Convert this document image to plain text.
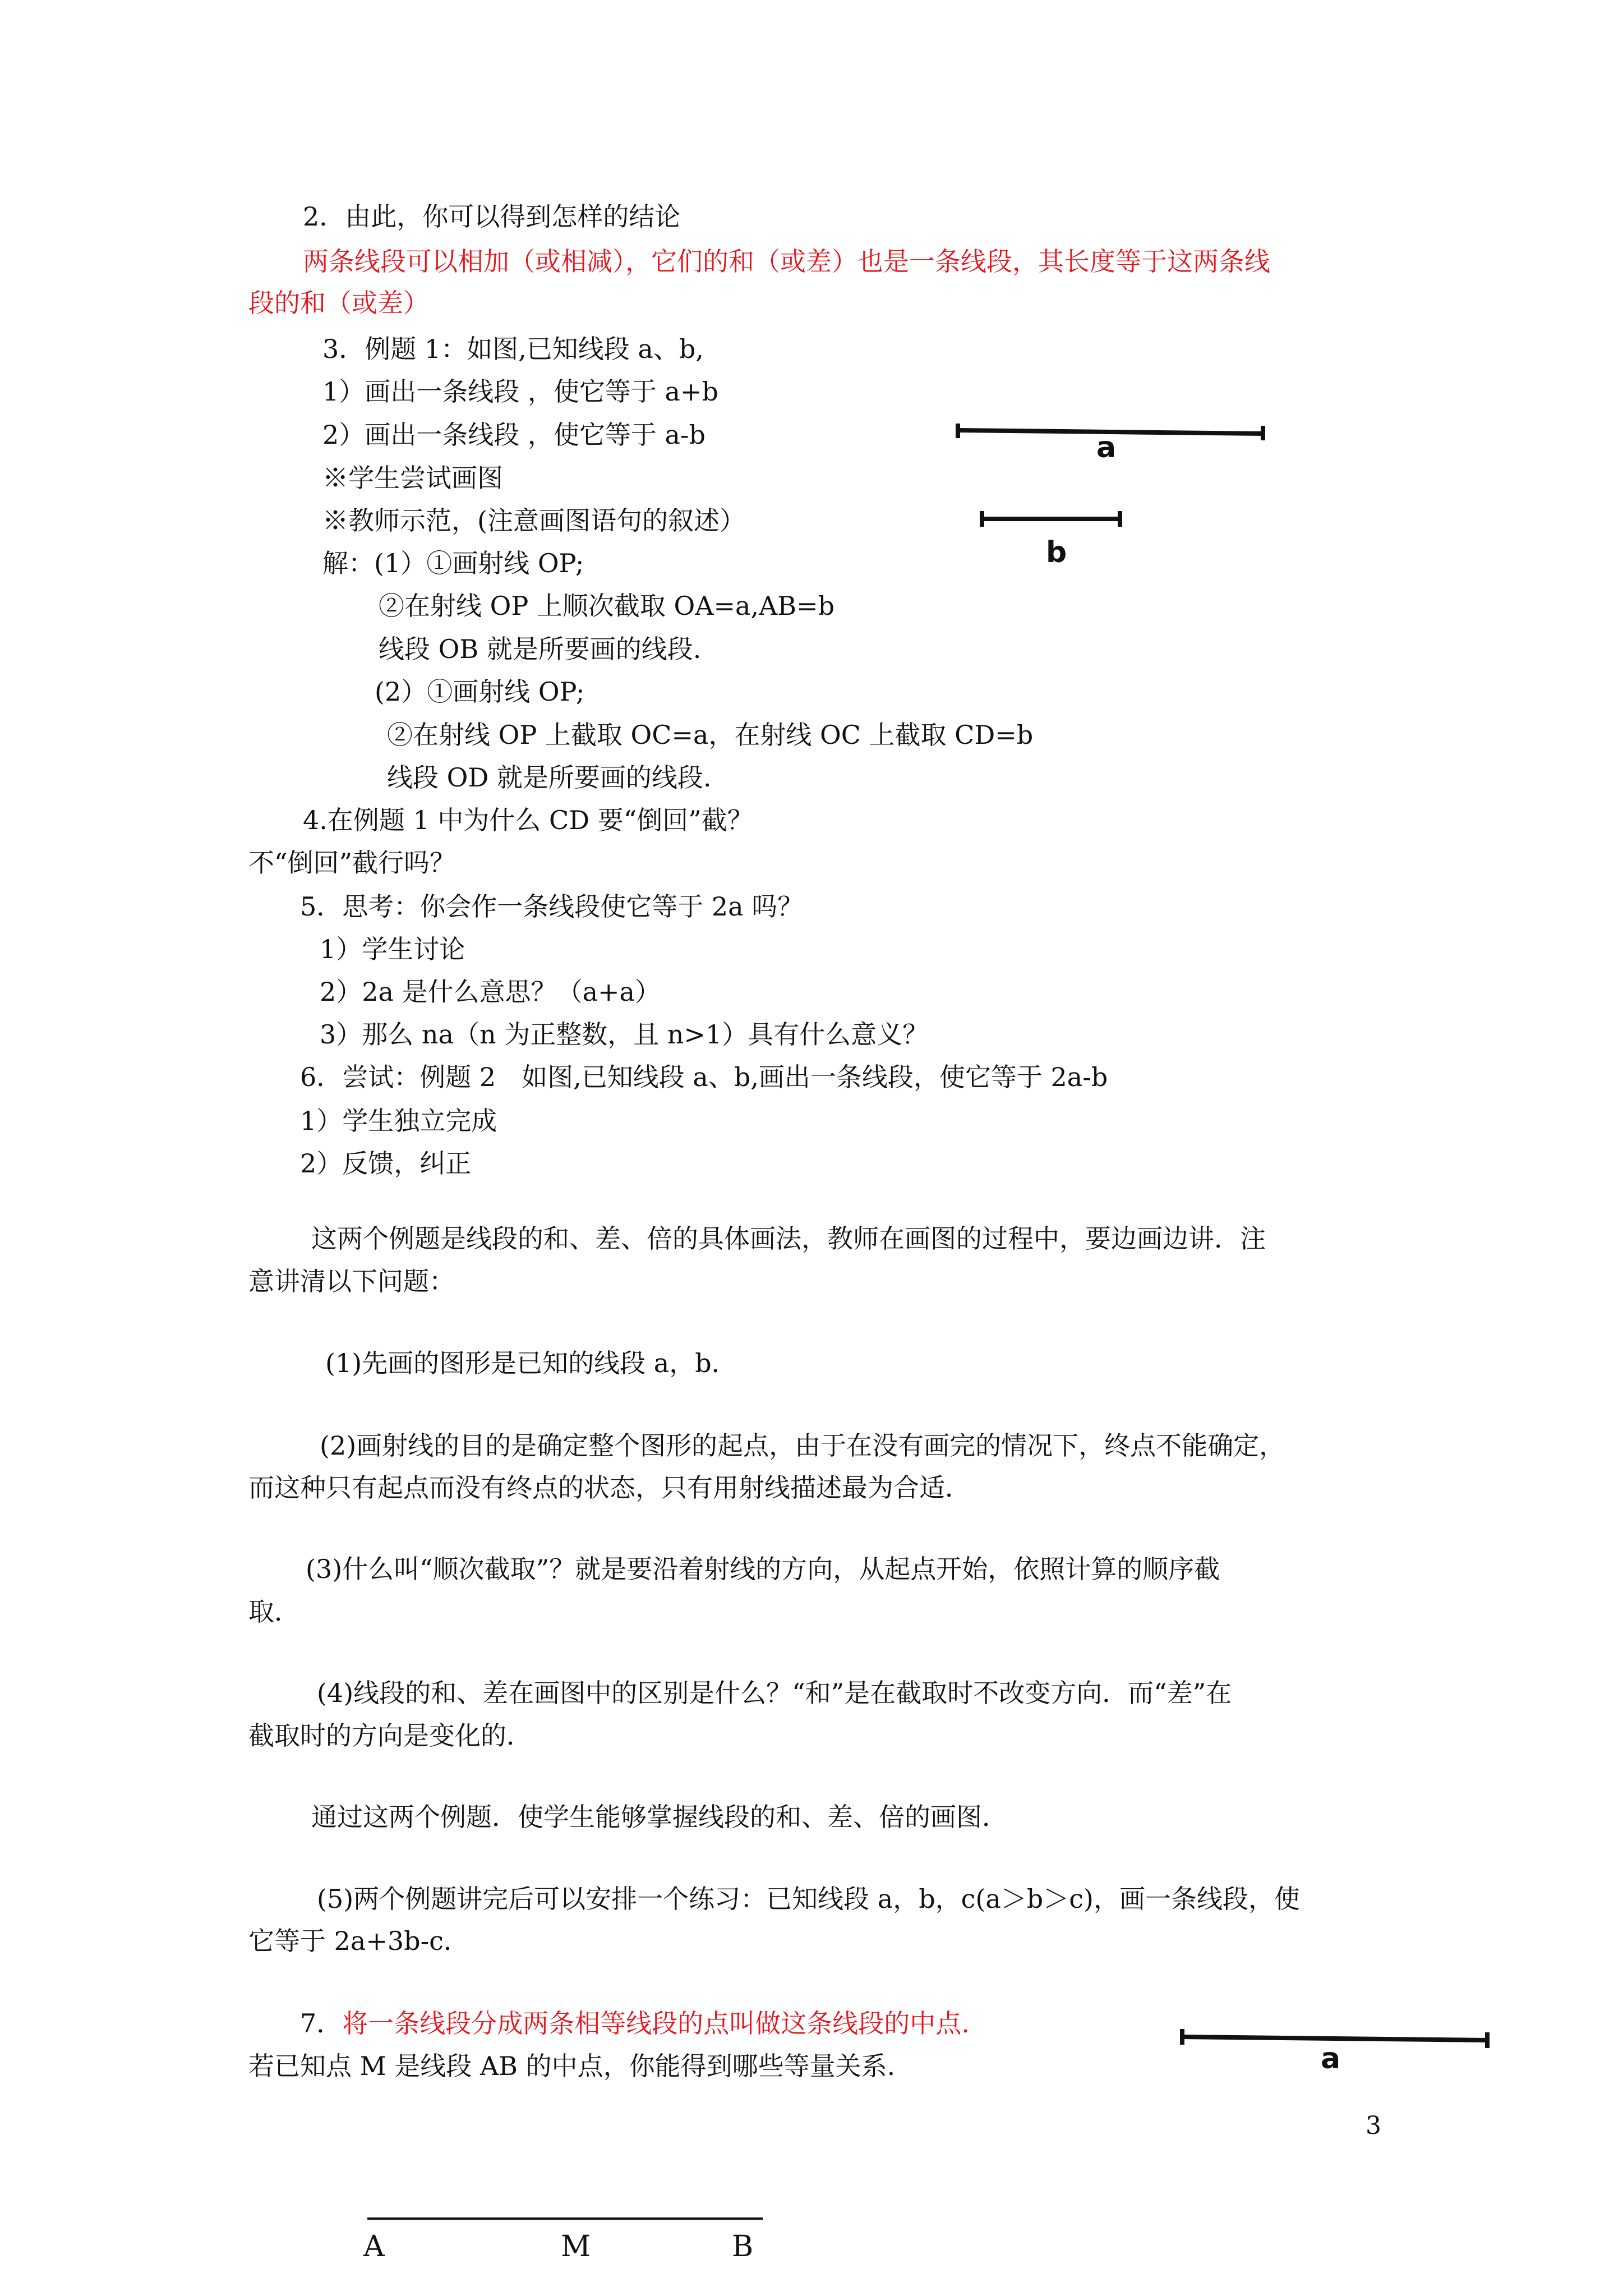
2．由此，你可以得到怎样的结论
两条线段可以相加（或相减），它们的和（或差）也是一条线段，其长度等于这两条线
段的和（或差）
3．例题 1：如图,已知线段 a、b,
1）画出一条线段 ，使它等于 a+b
2）画出一条线段 ，使它等于 a-b
※学生尝试画图
※教师示范，(注意画图语句的叙述）
解：(1）①画射线 OP;
②在射线 OP 上顺次截取 OA=a,AB=b
线段 OB 就是所要画的线段.
(2）①画射线 OP;
②在射线 OP 上截取 OC=a，在射线 OC 上截取 CD=b
线段 OD 就是所要画的线段.
4.在例题 1 中为什么 CD 要“倒回”截？
不“倒回”截行吗？
5．思考：你会作一条线段使它等于 2a 吗？
1）学生讨论
2）2a 是什么意思？（a+a）
3）那么 na（n 为正整数，且 n>1）具有什么意义？
6．尝试：例题 2　如图,已知线段 a、b,画出一条线段，使它等于 2a-b
1）学生独立完成
2）反馈，纠正
这两个例题是线段的和、差、倍的具体画法，教师在画图的过程中，要边画边讲．注
意讲清以下问题：
(1)先画的图形是已知的线段 a，b．
(2)画射线的目的是确定整个图形的起点，由于在没有画完的情况下，终点不能确定，
而这种只有起点而没有终点的状态，只有用射线描述最为合适．
(3)什么叫“顺次截取”？就是要沿着射线的方向，从起点开始，依照计算的顺序截
取．
(4)线段的和、差在画图中的区别是什么？“和”是在截取时不改变方向．而“差”在
截取时的方向是变化的．
通过这两个例题．使学生能够掌握线段的和、差、倍的画图．
(5)两个例题讲完后可以安排一个练习：已知线段 a，b，c(a＞b＞c)，画一条线段，使
它等于 2a+3b-c．
7．将一条线段分成两条相等线段的点叫做这条线段的中点.
若已知点 M 是线段 AB 的中点，你能得到哪些等量关系.
a
b
a
3
A	M	B
